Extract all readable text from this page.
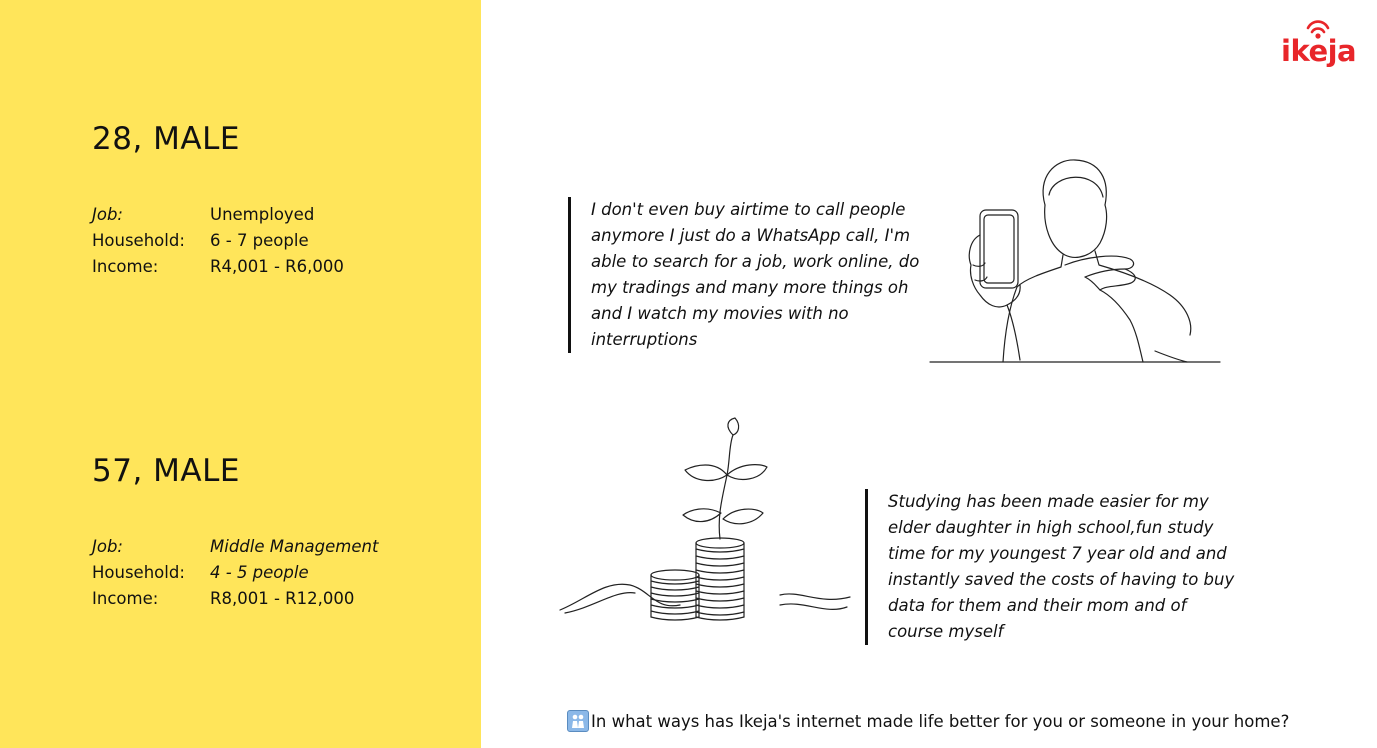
28, MALE
Job:	Unemployed
Household:	6 - 7 people
Income:	R4,001 - R6,000
57, MALE
Job:	Middle Management
Household:	4 - 5 people
Income:	R8,001 - R12,000
ikeja
I don't even buy airtime to call people anymore I just do a WhatsApp call, I'm able to search for a job, work online, do my tradings and many more things oh and I watch my movies with no interruptions
Studying has been made easier for my elder daughter in high school,fun study time for my youngest 7 year old and and instantly saved the costs of having to buy data for them and their mom and of course myself
In what ways has Ikeja's internet made life better for you or someone in your home?
